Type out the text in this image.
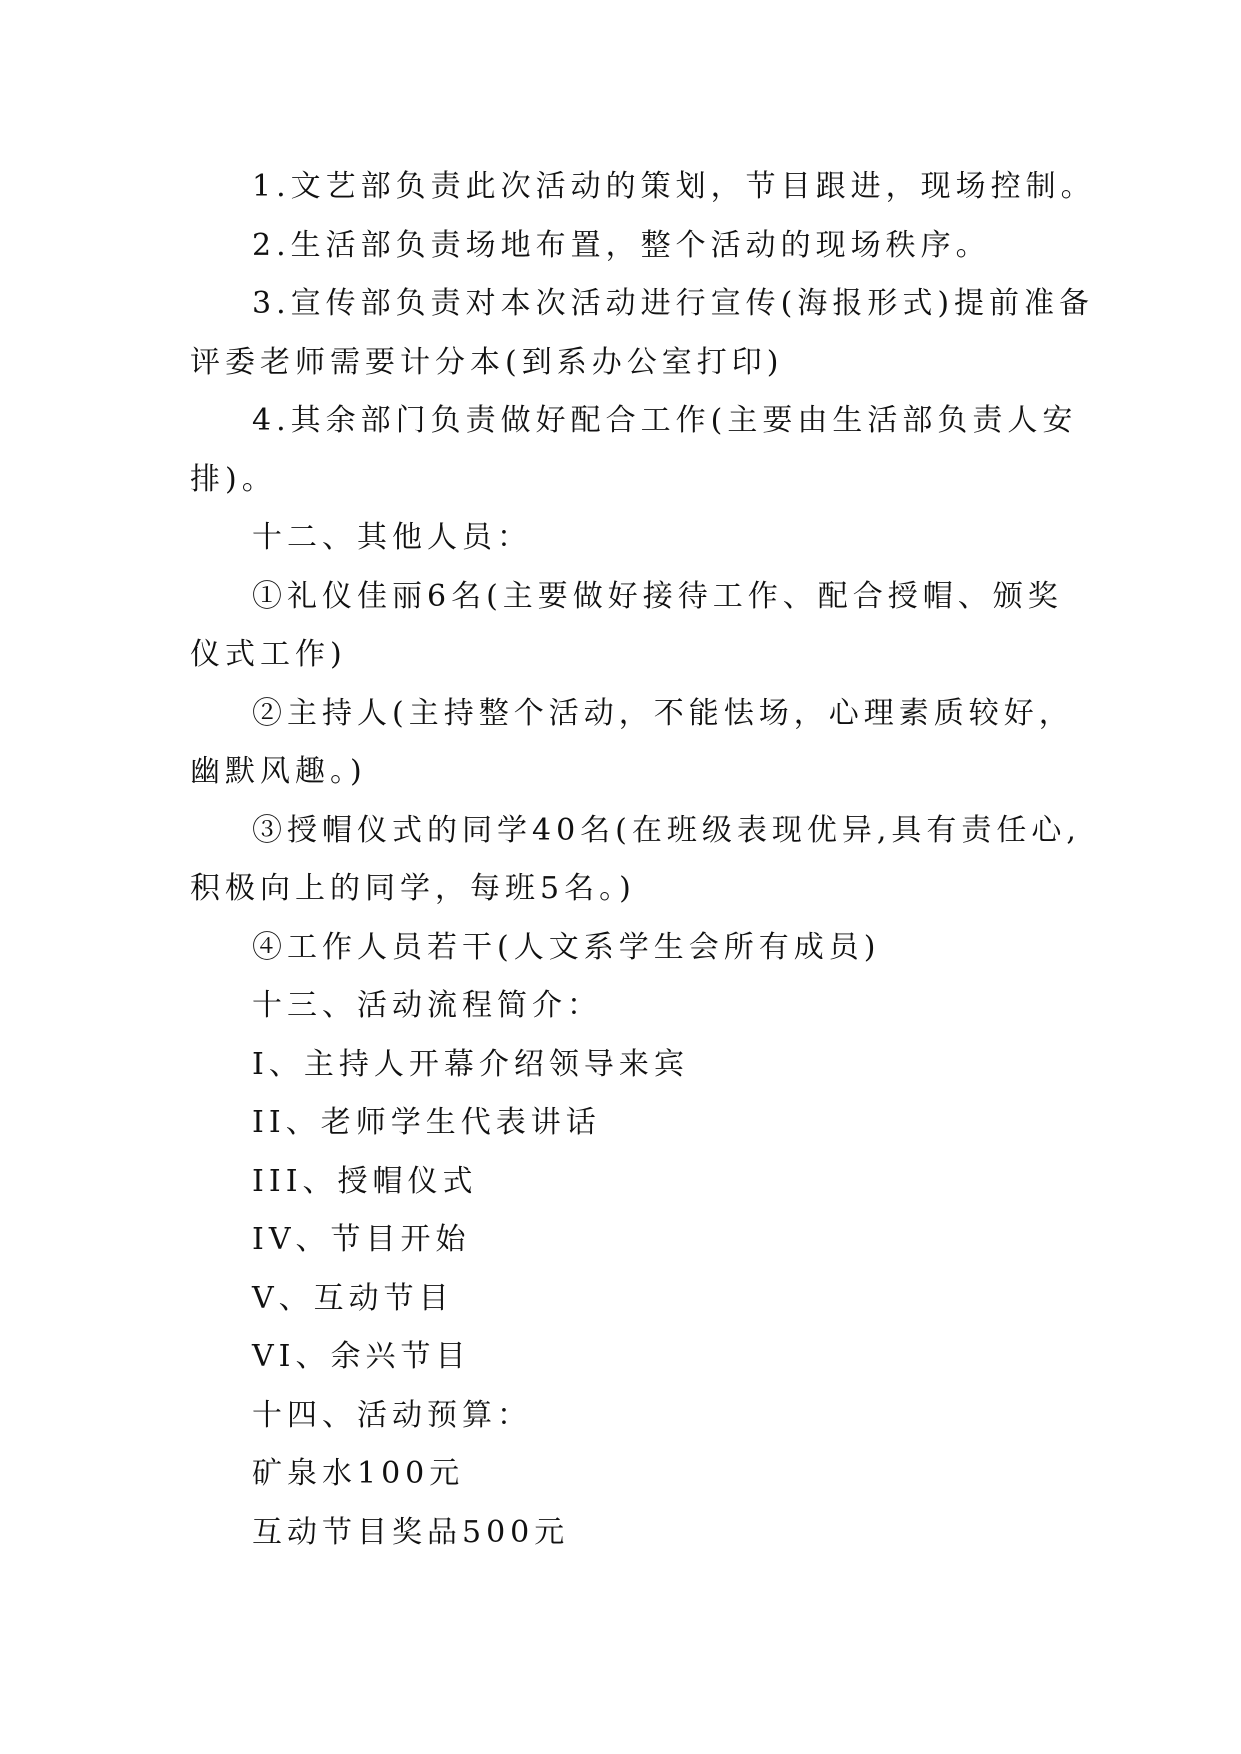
1.文艺部负责此次活动的策划，节目跟进，现场控制。
2.生活部负责场地布置，整个活动的现场秩序。
3.宣传部负责对本次活动进行宣传(海报形式)提前准备
评委老师需要计分本(到系办公室打印)
4.其余部门负责做好配合工作(主要由生活部负责人安
排)。
十二、其他人员：
①礼仪佳丽6名(主要做好接待工作、配合授帽、颁奖
仪式工作)
②主持人(主持整个活动，不能怯场，心理素质较好，
幽默风趣。)
③授帽仪式的同学40名(在班级表现优异,具有责任心,
积极向上的同学，每班5名。)
④工作人员若干(人文系学生会所有成员)
十三、活动流程简介：
I、主持人开幕介绍领导来宾
II、老师学生代表讲话
III、授帽仪式
IV、节目开始
V、互动节目
VI、余兴节目
十四、活动预算：
矿泉水100元
互动节目奖品500元
